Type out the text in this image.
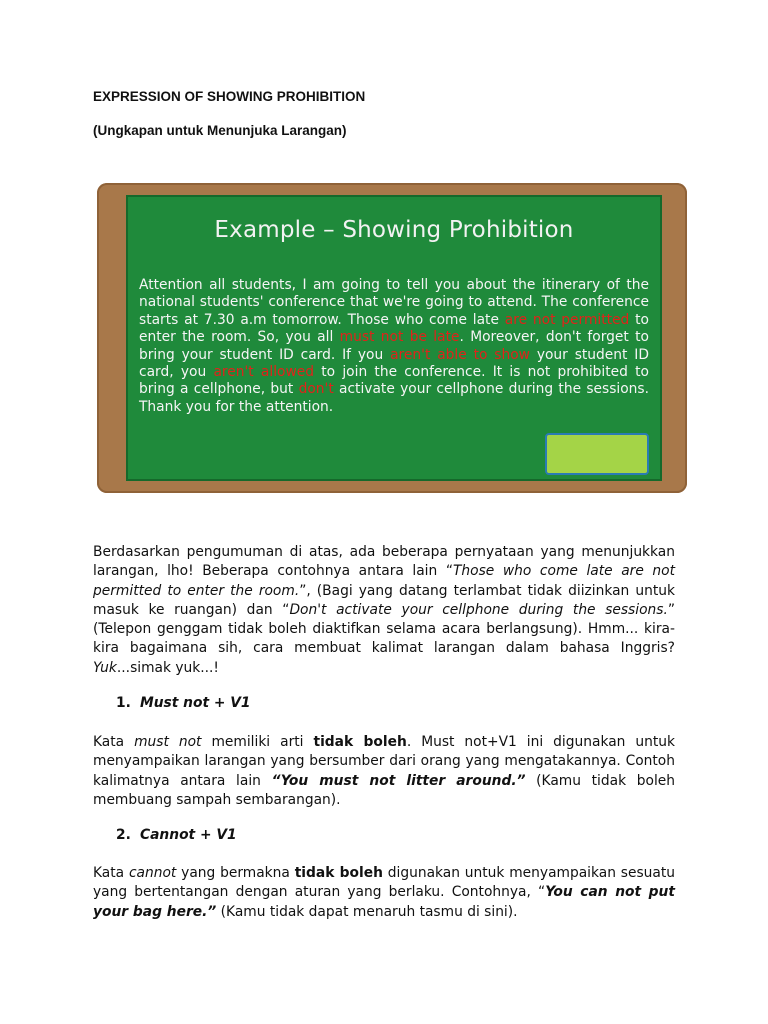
EXPRESSION OF SHOWING PROHIBITION
(Ungkapan untuk Menunjuka Larangan)
Example – Showing Prohibition
Attention all students, I am going to tell you about the itinerary of the national students' conference that we're going to attend. The conference starts at 7.30 a.m tomorrow. Those who come late are not permitted to enter the room. So, you all must not be late. Moreover, don't forget to bring your student ID card. If you aren't able to show your student ID card, you aren't allowed to join the conference. It is not prohibited to bring a cellphone, but don't activate your cellphone during the sessions. Thank you for the attention.
Berdasarkan pengumuman di atas, ada beberapa pernyataan yang menunjukkan larangan, lho! Beberapa contohnya antara lain “Those who come late are not permitted to enter the room.”, (Bagi yang datang terlambat tidak diizinkan untuk masuk ke ruangan) dan “Don't activate your cellphone during the sessions.” (Telepon genggam tidak boleh diaktifkan selama acara berlangsung). Hmm... kira-kira bagaimana sih, cara membuat kalimat larangan dalam bahasa Inggris? Yuk...simak yuk...!
1. Must not + V1
Kata must not memiliki arti tidak boleh. Must not+V1 ini digunakan untuk menyampaikan larangan yang bersumber dari orang yang mengatakannya. Contoh kalimatnya antara lain “You must not litter around.” (Kamu tidak boleh membuang sampah sembarangan).
2. Cannot + V1
Kata cannot yang bermakna tidak boleh digunakan untuk menyampaikan sesuatu yang bertentangan dengan aturan yang berlaku. Contohnya, “You can not put your bag here.” (Kamu tidak dapat menaruh tasmu di sini).
